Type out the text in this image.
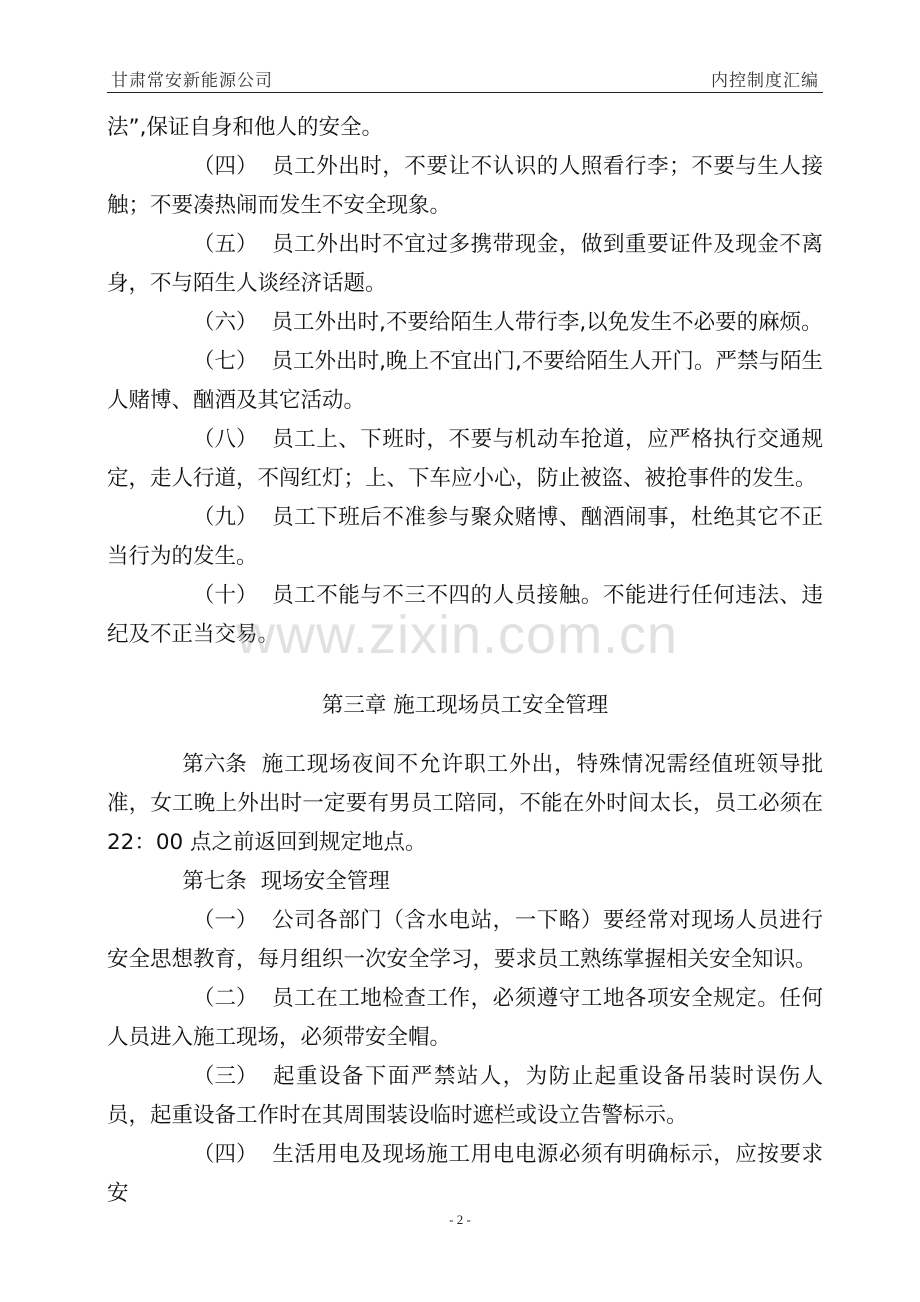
甘肃常安新能源公司	内控制度汇编

法”,保证自身和他人的安全。

（四） 员工外出时，不要让不认识的人照看行李；不要与生人接触；不要凑热闹而发生不安全现象。

（五） 员工外出时不宜过多携带现金，做到重要证件及现金不离身，不与陌生人谈经济话题。

（六） 员工外出时,不要给陌生人带行李,以免发生不必要的麻烦。

（七） 员工外出时,晚上不宜出门,不要给陌生人开门。严禁与陌生人赌博、酗酒及其它活动。

（八） 员工上、下班时，不要与机动车抢道，应严格执行交通规定，走人行道，不闯红灯；上、下车应小心，防止被盗、被抢事件的发生。

（九） 员工下班后不准参与聚众赌博、酗酒闹事，杜绝其它不正当行为的发生。

（十） 员工不能与不三不四的人员接触。不能进行任何违法、违纪及不正当交易。

第三章 施工现场员工安全管理

第六条 施工现场夜间不允许职工外出，特殊情况需经值班领导批准，女工晚上外出时一定要有男员工陪同，不能在外时间太长，员工必须在22：00 点之前返回到规定地点。

第七条 现场安全管理

（一） 公司各部门（含水电站，一下略）要经常对现场人员进行安全思想教育，每月组织一次安全学习，要求员工熟练掌握相关安全知识。

（二） 员工在工地检查工作，必须遵守工地各项安全规定。任何人员进入施工现场，必须带安全帽。

（三） 起重设备下面严禁站人，为防止起重设备吊装时误伤人员，起重设备工作时在其周围装设临时遮栏或设立告警标示。

（四） 生活用电及现场施工用电电源必须有明确标示，应按要求安

www.zixin.com.cn
- 2 -
